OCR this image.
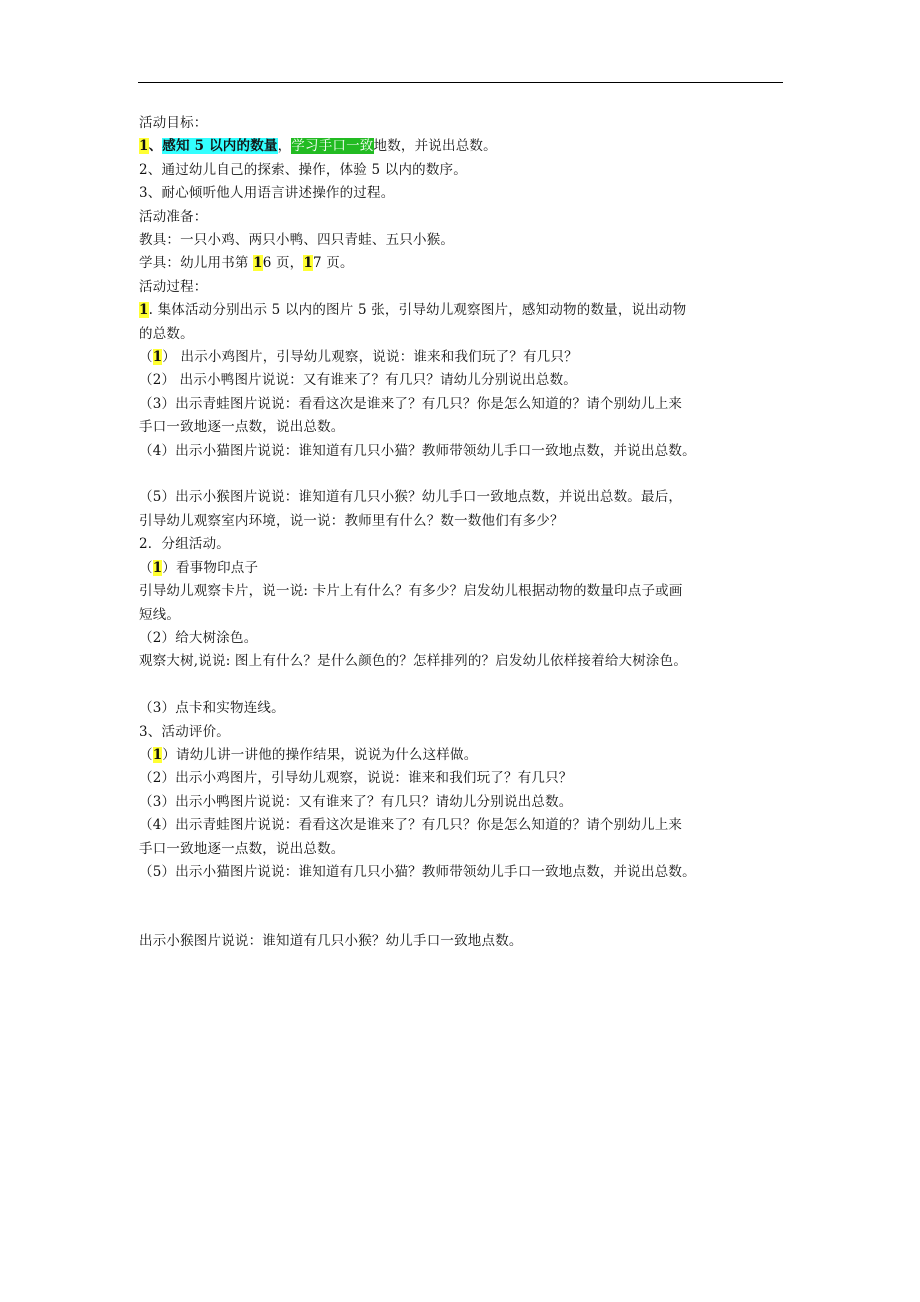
活动目标：
1、感知 5 以内的数量，学习手口一致地数，并说出总数。
2、通过幼儿自己的探索、操作，体验 5 以内的数序。
3、耐心倾听他人用语言讲述操作的过程。
活动准备：
教具：一只小鸡、两只小鸭、四只青蛙、五只小猴。
学具：幼儿用书第 16 页，17 页。
活动过程：
1. 集体活动分别出示 5 以内的图片 5 张，引导幼儿观察图片，感知动物的数量，说出动物
的总数。
（1） 出示小鸡图片，引导幼儿观察，说说：谁来和我们玩了？有几只？
（2） 出示小鸭图片说说：又有谁来了？有几只？请幼儿分别说出总数。
（3）出示青蛙图片说说：看看这次是谁来了？有几只？你是怎么知道的？请个别幼儿上来
手口一致地逐一点数，说出总数。
（4）出示小猫图片说说：谁知道有几只小猫？教师带领幼儿手口一致地点数，并说出总数。
（5）出示小猴图片说说：谁知道有几只小猴？幼儿手口一致地点数，并说出总数。最后，
引导幼儿观察室内环境，说一说：教师里有什么？数一数他们有多少？
2．分组活动。
（1）看事物印点子
引导幼儿观察卡片，说一说: 卡片上有什么？有多少？启发幼儿根据动物的数量印点子或画
短线。
（2）给大树涂色。
观察大树,说说: 图上有什么？是什么颜色的？怎样排列的？启发幼儿依样接着给大树涂色。
（3）点卡和实物连线。
3、活动评价。
（1）请幼儿讲一讲他的操作结果，说说为什么这样做。
（2）出示小鸡图片，引导幼儿观察，说说：谁来和我们玩了？有几只？
（3）出示小鸭图片说说：又有谁来了？有几只？请幼儿分别说出总数。
（4）出示青蛙图片说说：看看这次是谁来了？有几只？你是怎么知道的？请个别幼儿上来
手口一致地逐一点数，说出总数。
（5）出示小猫图片说说：谁知道有几只小猫？教师带领幼儿手口一致地点数，并说出总数。
出示小猴图片说说：谁知道有几只小猴？幼儿手口一致地点数。
